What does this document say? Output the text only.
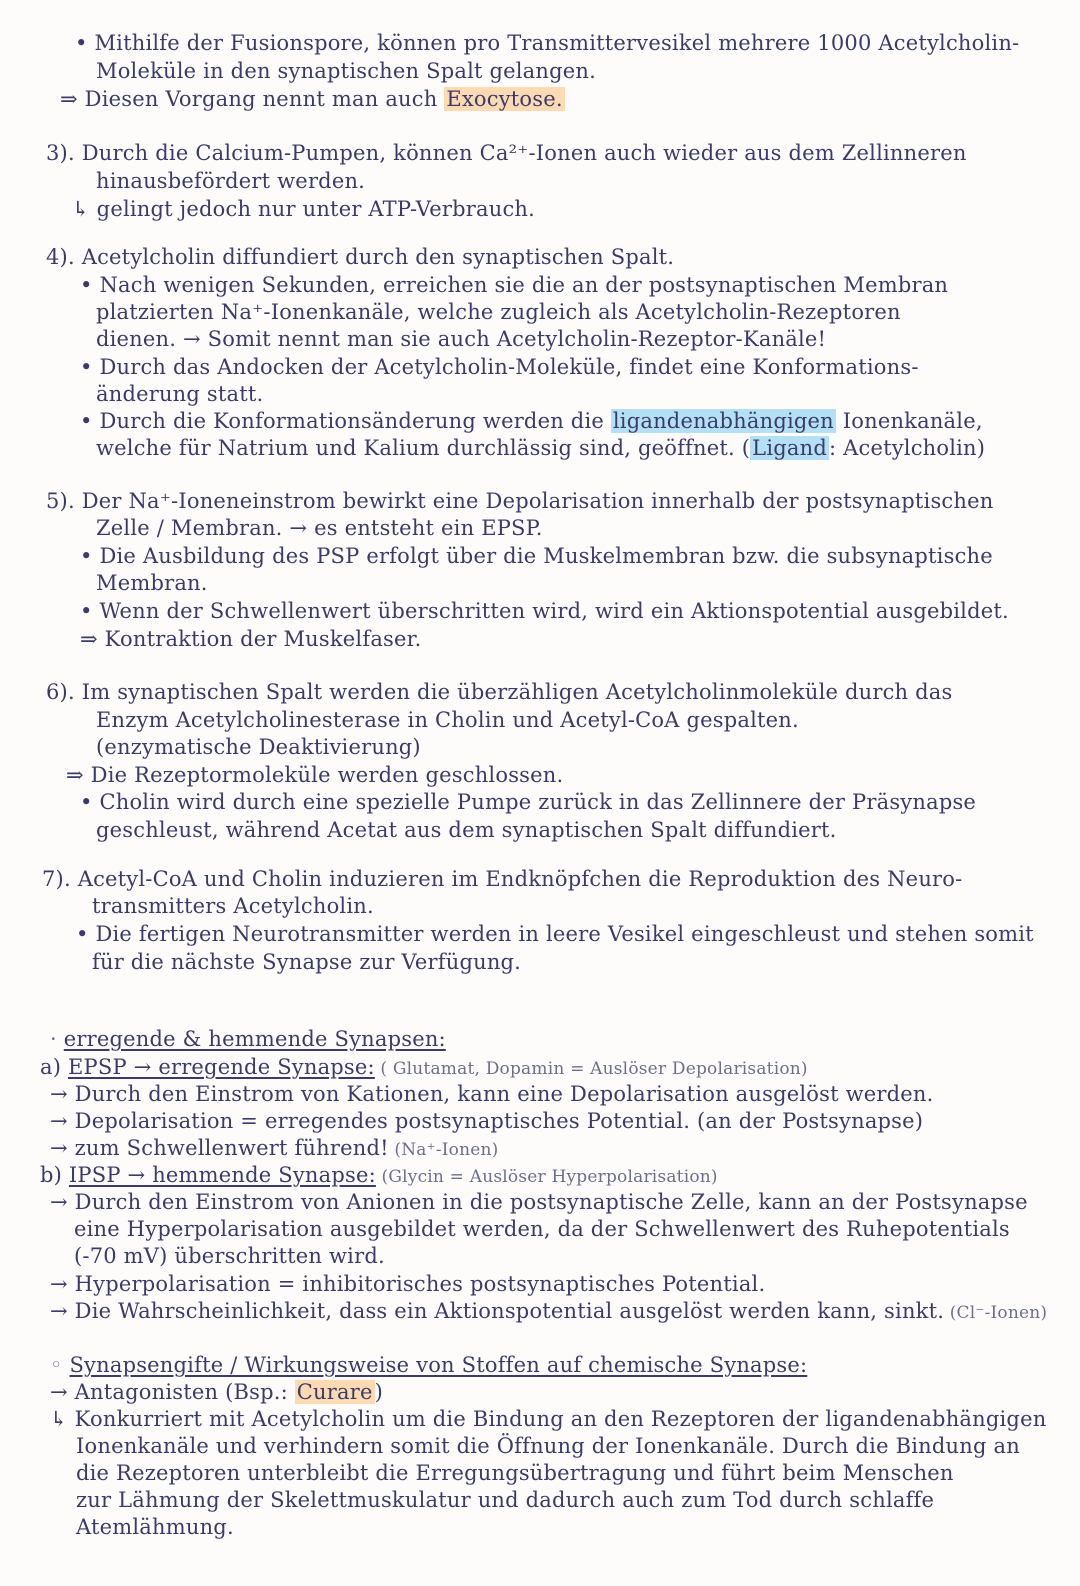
• Mithilfe der Fusionspore, können pro Transmittervesikel mehrere 1000 Acetylcholin-
Moleküle in den synaptischen Spalt gelangen.
⇒ Diesen Vorgang nennt man auch Exocytose.
3). Durch die Calcium-Pumpen, können Ca²⁺-Ionen auch wieder aus dem Zellinneren
hinausbefördert werden.
↳ gelingt jedoch nur unter ATP-Verbrauch.
4). Acetylcholin diffundiert durch den synaptischen Spalt.
• Nach wenigen Sekunden, erreichen sie die an der postsynaptischen Membran
platzierten Na⁺-Ionenkanäle, welche zugleich als Acetylcholin-Rezeptoren
dienen. → Somit nennt man sie auch Acetylcholin-Rezeptor-Kanäle!
• Durch das Andocken der Acetylcholin-Moleküle, findet eine Konformations-
änderung statt.
• Durch die Konformationsänderung werden die ligandenabhängigen Ionenkanäle,
welche für Natrium und Kalium durchlässig sind, geöffnet. (Ligand: Acetylcholin)
5). Der Na⁺-Ioneneinstrom bewirkt eine Depolarisation innerhalb der postsynaptischen
Zelle / Membran. → es entsteht ein EPSP.
• Die Ausbildung des PSP erfolgt über die Muskelmembran bzw. die subsynaptische
Membran.
• Wenn der Schwellenwert überschritten wird, wird ein Aktionspotential ausgebildet.
⇒ Kontraktion der Muskelfaser.
6). Im synaptischen Spalt werden die überzähligen Acetylcholinmoleküle durch das
Enzym Acetylcholinesterase in Cholin und Acetyl-CoA gespalten.
(enzymatische Deaktivierung)
⇒ Die Rezeptormoleküle werden geschlossen.
• Cholin wird durch eine spezielle Pumpe zurück in das Zellinnere der Präsynapse
geschleust, während Acetat aus dem synaptischen Spalt diffundiert.
7). Acetyl-CoA und Cholin induzieren im Endknöpfchen die Reproduktion des Neuro-
transmitters Acetylcholin.
• Die fertigen Neurotransmitter werden in leere Vesikel eingeschleust und stehen somit
für die nächste Synapse zur Verfügung.
· erregende & hemmende Synapsen:
a) EPSP → erregende Synapse: ( Glutamat, Dopamin = Auslöser Depolarisation)
→ Durch den Einstrom von Kationen, kann eine Depolarisation ausgelöst werden.
→ Depolarisation = erregendes postsynaptisches Potential. (an der Postsynapse)
→ zum Schwellenwert führend! (Na⁺-Ionen)
b) IPSP → hemmende Synapse: (Glycin = Auslöser Hyperpolarisation)
→ Durch den Einstrom von Anionen in die postsynaptische Zelle, kann an der Postsynapse
eine Hyperpolarisation ausgebildet werden, da der Schwellenwert des Ruhepotentials
(-70 mV) überschritten wird.
→ Hyperpolarisation = inhibitorisches postsynaptisches Potential.
→ Die Wahrscheinlichkeit, dass ein Aktionspotential ausgelöst werden kann, sinkt. (Cl⁻-Ionen)
◦ Synapsengifte / Wirkungsweise von Stoffen auf chemische Synapse:
→ Antagonisten (Bsp.: Curare)
↳ Konkurriert mit Acetylcholin um die Bindung an den Rezeptoren der ligandenabhängigen
Ionenkanäle und verhindern somit die Öffnung der Ionenkanäle. Durch die Bindung an
die Rezeptoren unterbleibt die Erregungsübertragung und führt beim Menschen
zur Lähmung der Skelettmuskulatur und dadurch auch zum Tod durch schlaffe
Atemlähmung.
